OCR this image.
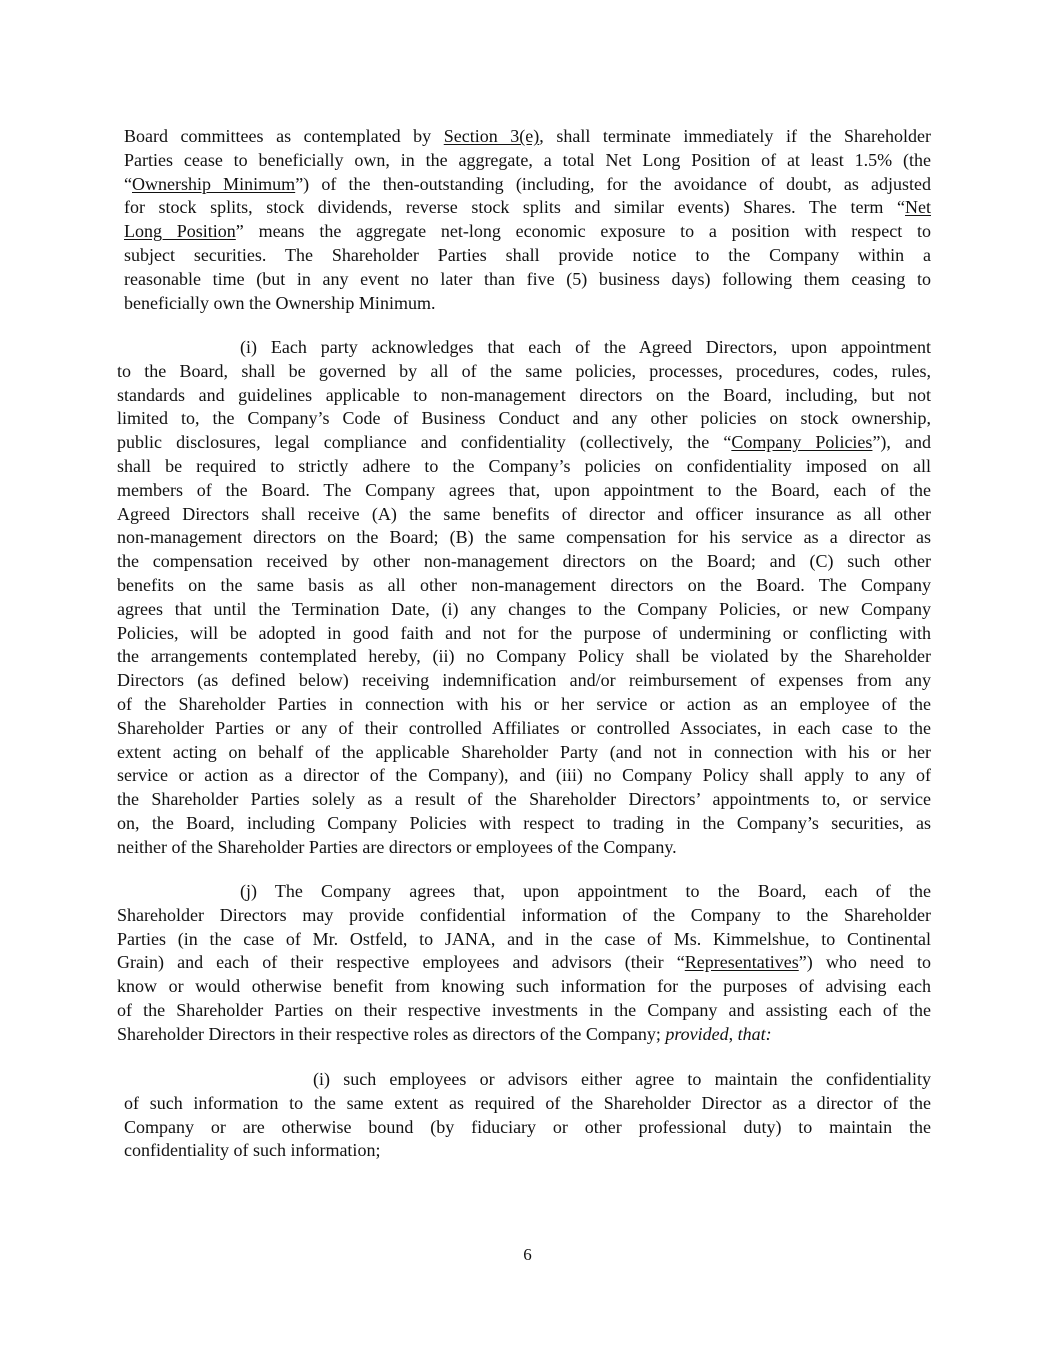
Board committees as contemplated by Section 3(e), shall terminate immediately if the Shareholder
Parties cease to beneficially own, in the aggregate, a total Net Long Position of at least 1.5% (the
“Ownership Minimum”) of the then-outstanding (including, for the avoidance of doubt, as adjusted
for stock splits, stock dividends, reverse stock splits and similar events) Shares. The term “Net
Long Position” means the aggregate net-long economic exposure to a position with respect to
subject securities. The Shareholder Parties shall provide notice to the Company within a
reasonable time (but in any event no later than five (5) business days) following them ceasing to
beneficially own the Ownership Minimum.
(i) Each party acknowledges that each of the Agreed Directors, upon appointment
to the Board, shall be governed by all of the same policies, processes, procedures, codes, rules,
standards and guidelines applicable to non-management directors on the Board, including, but not
limited to, the Company’s Code of Business Conduct and any other policies on stock ownership,
public disclosures, legal compliance and confidentiality (collectively, the “Company Policies”), and
shall be required to strictly adhere to the Company’s policies on confidentiality imposed on all
members of the Board. The Company agrees that, upon appointment to the Board, each of the
Agreed Directors shall receive (A) the same benefits of director and officer insurance as all other
non-management directors on the Board; (B) the same compensation for his service as a director as
the compensation received by other non-management directors on the Board; and (C) such other
benefits on the same basis as all other non-management directors on the Board. The Company
agrees that until the Termination Date, (i) any changes to the Company Policies, or new Company
Policies, will be adopted in good faith and not for the purpose of undermining or conflicting with
the arrangements contemplated hereby, (ii) no Company Policy shall be violated by the Shareholder
Directors (as defined below) receiving indemnification and/or reimbursement of expenses from any
of the Shareholder Parties in connection with his or her service or action as an employee of the
Shareholder Parties or any of their controlled Affiliates or controlled Associates, in each case to the
extent acting on behalf of the applicable Shareholder Party (and not in connection with his or her
service or action as a director of the Company), and (iii) no Company Policy shall apply to any of
the Shareholder Parties solely as a result of the Shareholder Directors’ appointments to, or service
on, the Board, including Company Policies with respect to trading in the Company’s securities, as
neither of the Shareholder Parties are directors or employees of the Company.
(j) The Company agrees that, upon appointment to the Board, each of the
Shareholder Directors may provide confidential information of the Company to the Shareholder
Parties (in the case of Mr. Ostfeld, to JANA, and in the case of Ms. Kimmelshue, to Continental
Grain) and each of their respective employees and advisors (their “Representatives”) who need to
know or would otherwise benefit from knowing such information for the purposes of advising each
of the Shareholder Parties on their respective investments in the Company and assisting each of the
Shareholder Directors in their respective roles as directors of the Company; provided, that:
(i) such employees or advisors either agree to maintain the confidentiality
of such information to the same extent as required of the Shareholder Director as a director of the
Company or are otherwise bound (by fiduciary or other professional duty) to maintain the
confidentiality of such information;
6
